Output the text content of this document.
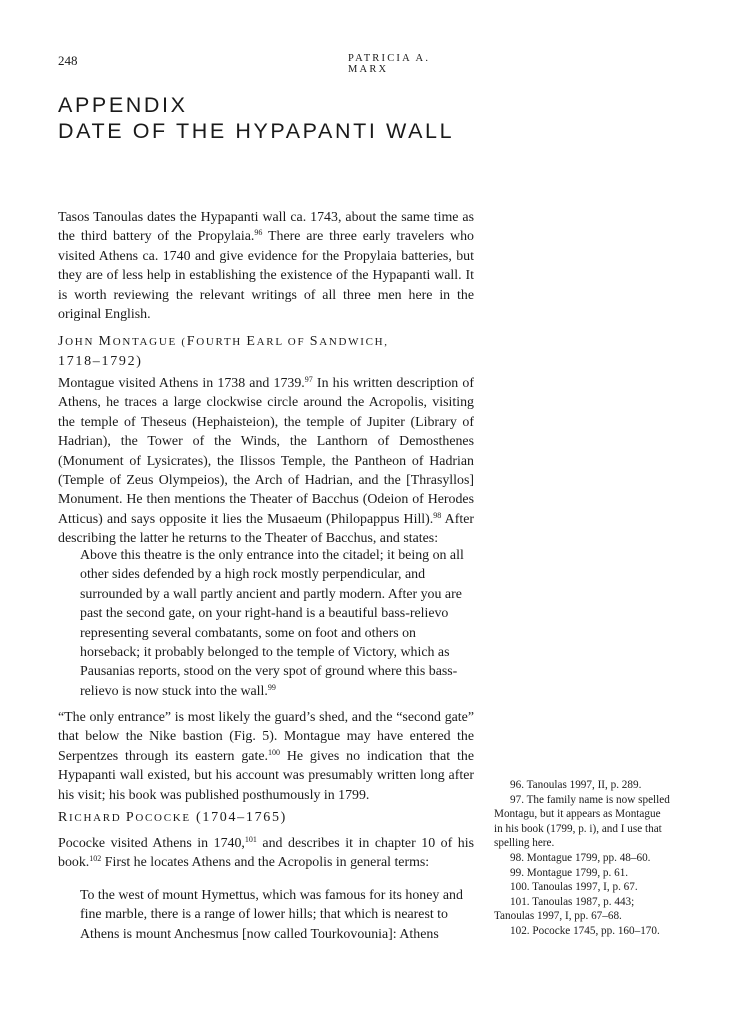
248	PATRICIA A. MARX
APPENDIX
DATE OF THE HYPAPANTI WALL

Tasos Tanoulas dates the Hypapanti wall ca. 1743, about the same time as the third battery of the Propylaia.$^{96}$ There are three early travelers who visited Athens ca. 1740 and give evidence for the Propylaia batteries, but they are of less help in establishing the existence of the Hypapanti wall. It is worth reviewing the relevant writings of all three men here in the original English.

JOHN MONTAGUE (FOURTH EARL OF SANDWICH,
1718–1792)

Montague visited Athens in 1738 and 1739.97 In his written description of Athens, he traces a large clockwise circle around the Acropolis, visiting the temple of Theseus (Hephaisteion), the temple of Jupiter (Library of Hadrian), the Tower of the Winds, the Lanthorn of Demosthenes (Monument of Lysicrates), the Ilissos Temple, the Pantheon of Hadrian (Temple of Zeus Olympeios), the Arch of Hadrian, and the [Thrasyllos] Monument. He then mentions the Theater of Bacchus (Odeion of Herodes Atticus) and says opposite it lies the Musaeum (Philopappus Hill).$^{98}$ After describing the latter he returns to the Theater of Bacchus, and states:

Above this theatre is the only entrance into the citadel; it being on all other sides defended by a high rock mostly perpendicular, and surrounded by a wall partly ancient and partly modern. After you are past the second gate, on your right-hand is a beautiful bass-relievo representing several combatants, some on foot and others on horseback; it probably belonged to the temple of Victory, which as Pausanias reports, stood on the very spot of ground where this bass-relievo is now stuck into the wall.$^{99}$

“The only entrance” is most likely the guard’s shed, and the “second gate” that below the Nike bastion (Fig. 5). Montague may have entered the Serpentzes through its eastern gate.$^{100}$ He gives no indication that the Hypapanti wall existed, but his account was presumably written long after his visit; his book was published posthumously in 1799.

RICHARD POCOCKE (1704–1765)

Pococke visited Athens in 1740,$^{101}$ and describes it in chapter 10 of his book.$^{102}$ First he locates Athens and the Acropolis in general terms:

To the west of mount Hymettus, which was famous for its honey and fine marble, there is a range of lower hills; that which is nearest to Athens is mount Anchesmus [now called Tourkovounia]: Athens

96. Tanoulas 1997, II, p. 289.

97. The family name is now spelled

Montagu, but it appears as Montague

in his book (1799, p. i), and I use that

spelling here.

98. Montague 1799, pp. 48–60.

99. Montague 1799, p. 61.

100. Tanoulas 1997, I, p. 67.

101. Tanoulas 1987, p. 443;

Tanoulas 1997, I, pp. 67–68.

102. Pococke 1745, pp. 160–170.
